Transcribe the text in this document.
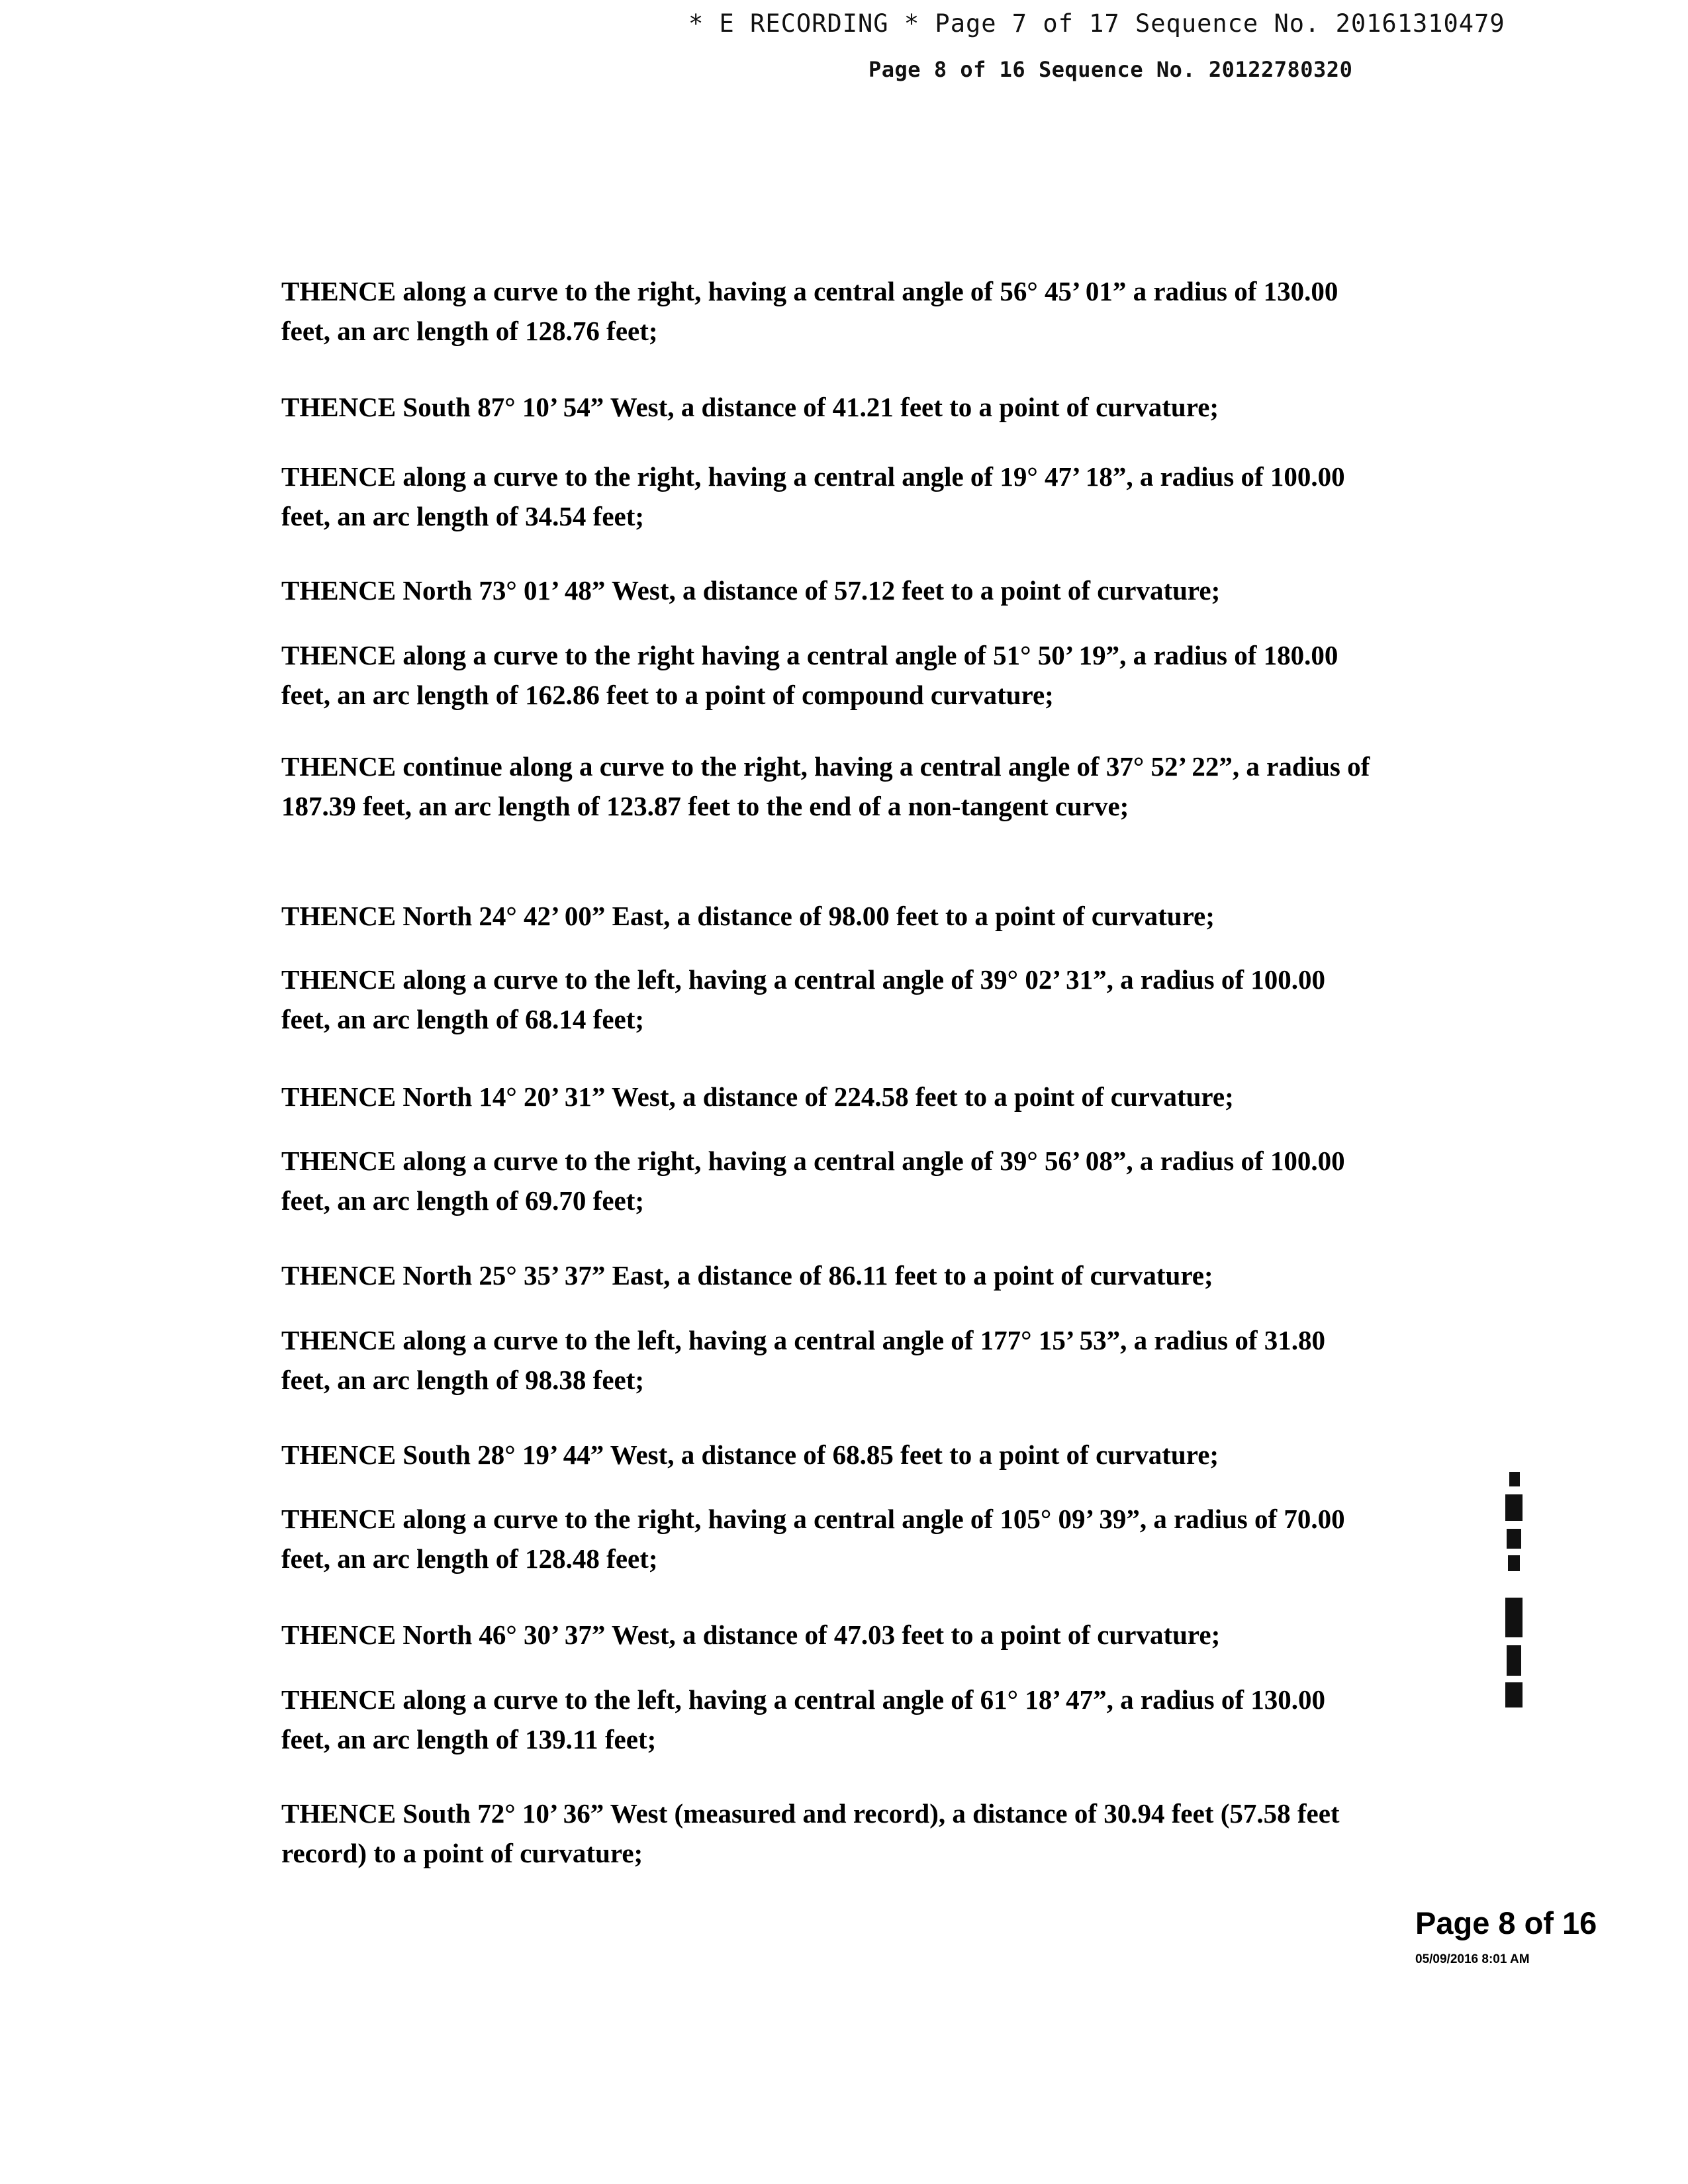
* E RECORDING * Page 7 of 17 Sequence No. 20161310479
Page 8 of 16 Sequence No. 20122780320

THENCE along a curve to the right, having a central angle of 56° 45’ 01” a radius of 130.00 feet, an arc length of 128.76 feet;

THENCE South 87° 10’ 54” West, a distance of 41.21 feet to a point of curvature;

THENCE along a curve to the right, having a central angle of 19° 47’ 18”, a radius of 100.00 feet, an arc length of 34.54 feet;

THENCE North 73° 01’ 48” West, a distance of 57.12 feet to a point of curvature;

THENCE along a curve to the right having a central angle of 51° 50’ 19”, a radius of 180.00 feet, an arc length of 162.86 feet to a point of compound curvature;

THENCE continue along a curve to the right, having a central angle of 37° 52’ 22”, a radius of 187.39 feet, an arc length of 123.87 feet to the end of a non-tangent curve;

THENCE North 24° 42’ 00” East, a distance of 98.00 feet to a point of curvature;

THENCE along a curve to the left, having a central angle of 39° 02’ 31”, a radius of 100.00 feet, an arc length of 68.14 feet;

THENCE North 14° 20’ 31” West, a distance of 224.58 feet to a point of curvature;

THENCE along a curve to the right, having a central angle of 39° 56’ 08”, a radius of 100.00 feet, an arc length of 69.70 feet;

THENCE North 25° 35’ 37” East, a distance of 86.11 feet to a point of curvature;

THENCE along a curve to the left, having a central angle of 177° 15’ 53”, a radius of 31.80 feet, an arc length of 98.38 feet;

THENCE South 28° 19’ 44” West, a distance of 68.85 feet to a point of curvature;

THENCE along a curve to the right, having a central angle of 105° 09’ 39”, a radius of 70.00 feet, an arc length of 128.48 feet;

THENCE North 46° 30’ 37” West, a distance of 47.03 feet to a point of curvature;

THENCE along a curve to the left, having a central angle of 61° 18’ 47”, a radius of 130.00 feet, an arc length of 139.11 feet;

THENCE South 72° 10’ 36” West (measured and record), a distance of 30.94 feet (57.58 feet record) to a point of curvature;

Page 8 of 16
05/09/2016 8:01 AM
